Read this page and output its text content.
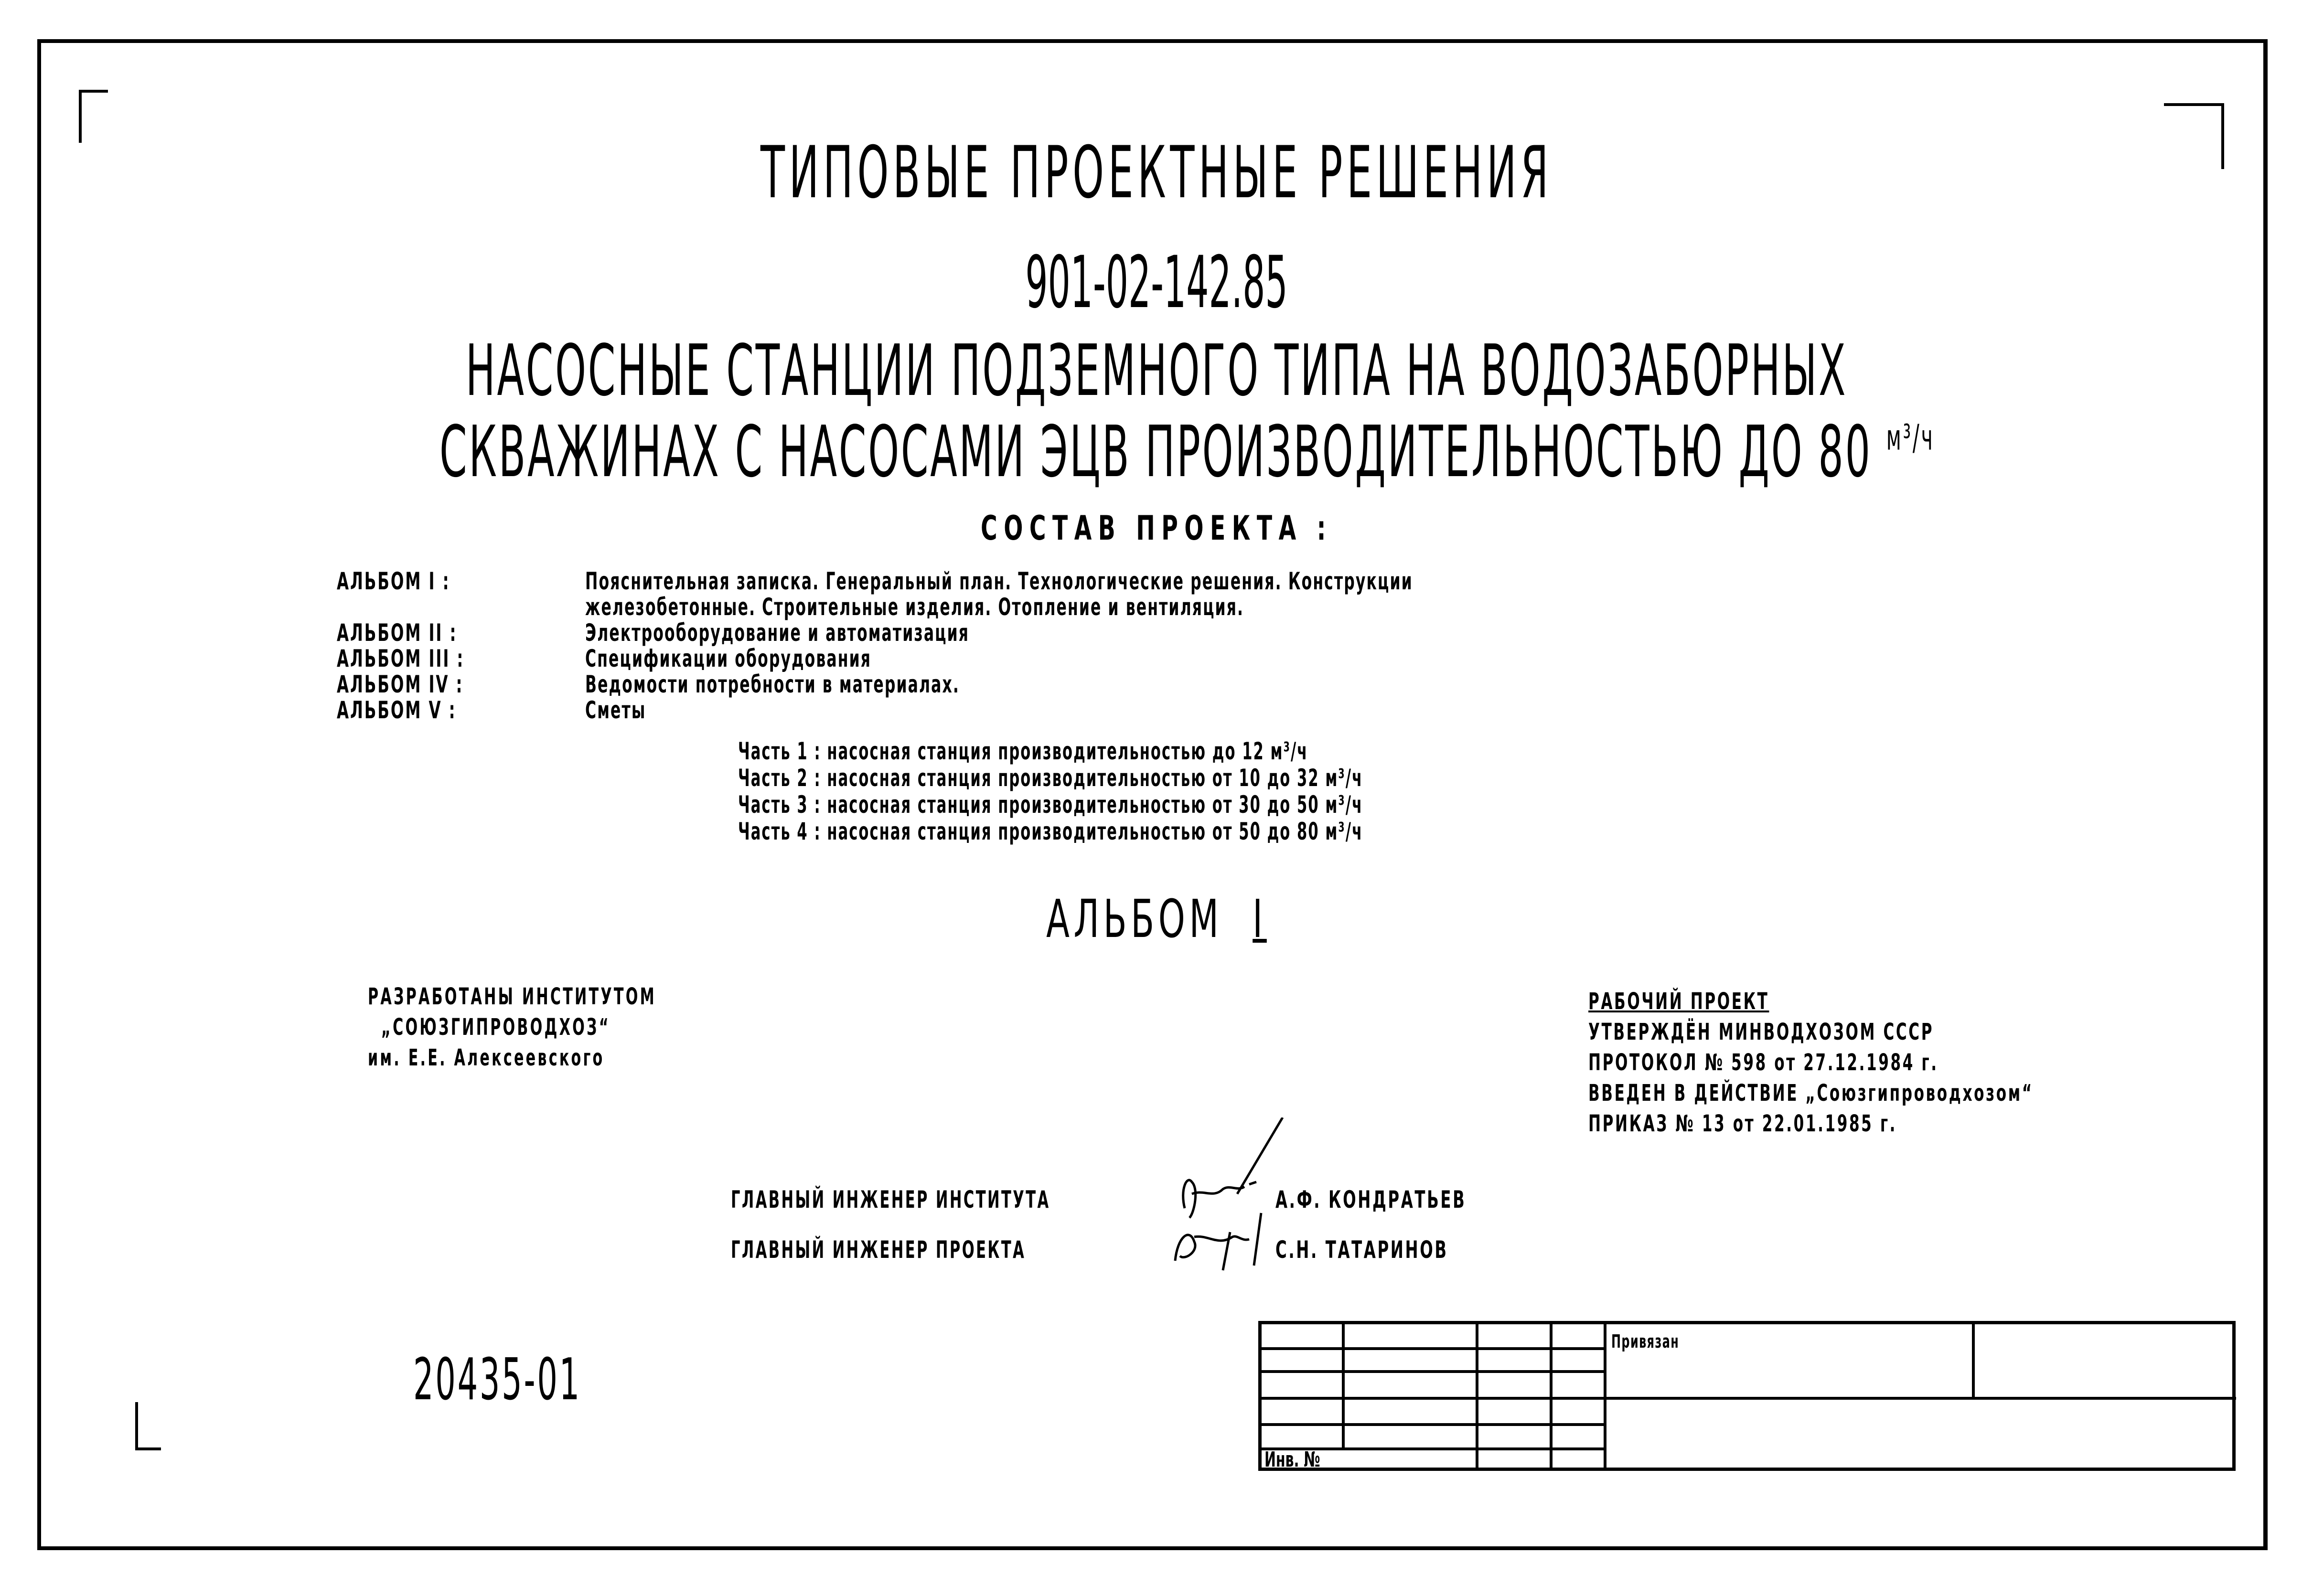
ТИПОВЫЕ ПРОЕКТНЫЕ РЕШЕНИЯ
901-02-142.85
НАСОСНЫЕ СТАНЦИИ ПОДЗЕМНОГО ТИПА НА ВОДОЗАБОРНЫХ
СКВАЖИНАХ С НАСОСАМИ ЭЦВ ПРОИЗВОДИТЕЛЬНОСТЬЮ ДО 80 $^{м^3/ч}$
СОСТАВ ПРОЕКТА :
АЛЬБОМ I :	Пояснительная записка. Генеральный план. Технологические решения. Конструкции
железобетонные. Строительные изделия. Отопление и вентиляция.
АЛЬБОМ II :	Электрооборудование и автоматизация
АЛЬБОМ III :	Спецификации оборудования
АЛЬБОМ IV :	Ведомости потребности в материалах.
АЛЬБОМ V :	Сметы
Часть 1 : насосная станция производительностью до 12 м³/ч
Часть 2 : насосная станция производительностью от 10 до 32 м³/ч
Часть 3 : насосная станция производительностью от 30 до 50 м³/ч
Часть 4 : насосная станция производительностью от 50 до 80 м³/ч
АЛЬБОМ I
РАЗРАБОТАНЫ ИНСТИТУТОМ
„СОЮЗГИПРОВОДХОЗ“
им. Е.Е. Алексеевского
РАБОЧИЙ ПРОЕКТ
УТВЕРЖДЁН МИНВОДХОЗОМ СССР
ПРОТОКОЛ № 598 от 27.12.1984 г.
ВВЕДЕН В ДЕЙСТВИЕ „Союзгипроводхозом“
ПРИКАЗ № 13 от 22.01.1985 г.
ГЛАВНЫЙ ИНЖЕНЕР ИНСТИТУТА	А.Ф. КОНДРАТЬЕВ
ГЛАВНЫЙ ИНЖЕНЕР ПРОЕКТА	С.Н. ТАТАРИНОВ
20435-01
Привязан
Инв. №
